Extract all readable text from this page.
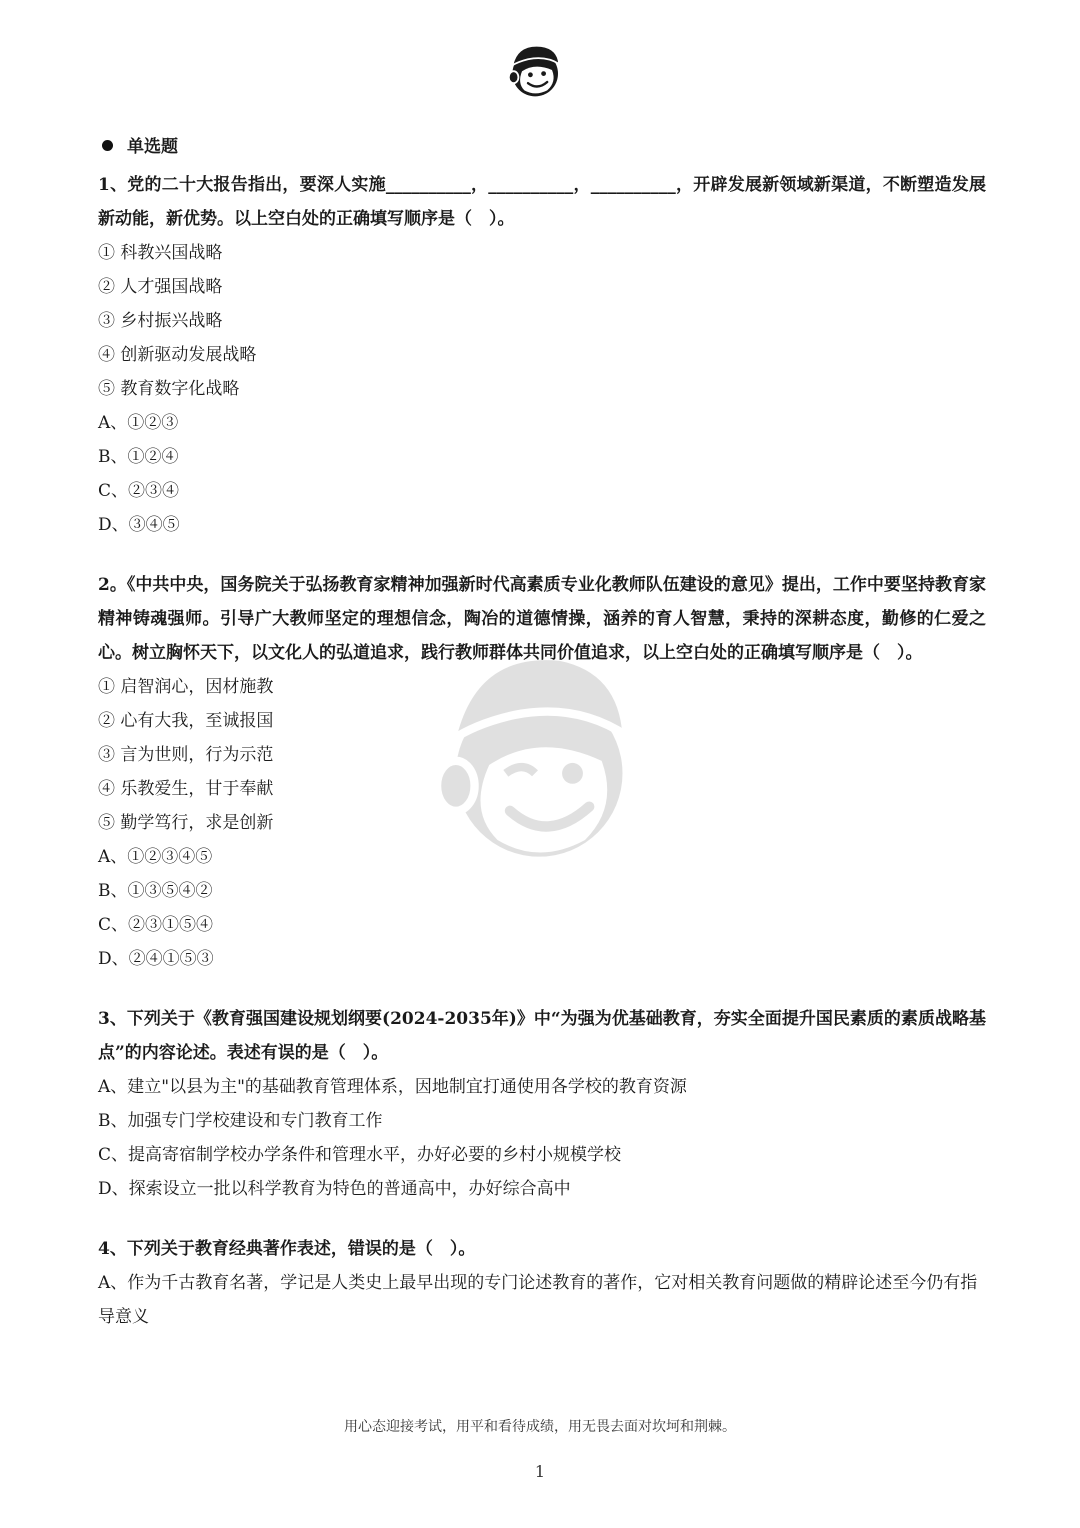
单选题

1、党的二十大报告指出，要深人实施__________，__________，__________，开辟发展新领域新渠道，不断塑造发展新动能，新优势。以上空白处的正确填写顺序是（　）。

① 科教兴国战略

② 人才强国战略

③ 乡村振兴战略

④ 创新驱动发展战略

⑤ 教育数字化战略

A、①②③

B、①②④

C、②③④

D、③④⑤

2。《中共中央，国务院关于弘扬教育家精神加强新时代高素质专业化教师队伍建设的意见》提出，工作中要坚持教育家精神铸魂强师。引导广大教师坚定的理想信念，陶冶的道德情操，涵养的育人智慧，秉持的深耕态度，勤修的仁爱之心。树立胸怀天下，以文化人的弘道追求，践行教师群体共同价值追求，以上空白处的正确填写顺序是（　）。

① 启智润心，因材施教

② 心有大我，至诚报国

③ 言为世则，行为示范

④ 乐教爱生，甘于奉献

⑤ 勤学笃行，求是创新

A、①②③④⑤

B、①③⑤④②

C、②③①⑤④

D、②④①⑤③

3、下列关于《教育强国建设规划纲要(2024-2035年)》中“为强为优基础教育，夯实全面提升国民素质的素质战略基点”的内容论述。表述有误的是（　）。

A、建立"以县为主"的基础教育管理体系，因地制宜打通使用各学校的教育资源

B、加强专门学校建设和专门教育工作

C、提高寄宿制学校办学条件和管理水平，办好必要的乡村小规模学校

D、探索设立一批以科学教育为特色的普通高中，办好综合高中

4、下列关于教育经典著作表述，错误的是（　）。

A、作为千古教育名著，学记是人类史上最早出现的专门论述教育的著作，它对相关教育问题做的精辟论述至今仍有指导意义

用心态迎接考试，用平和看待成绩，用无畏去面对坎坷和荆棘。
1
